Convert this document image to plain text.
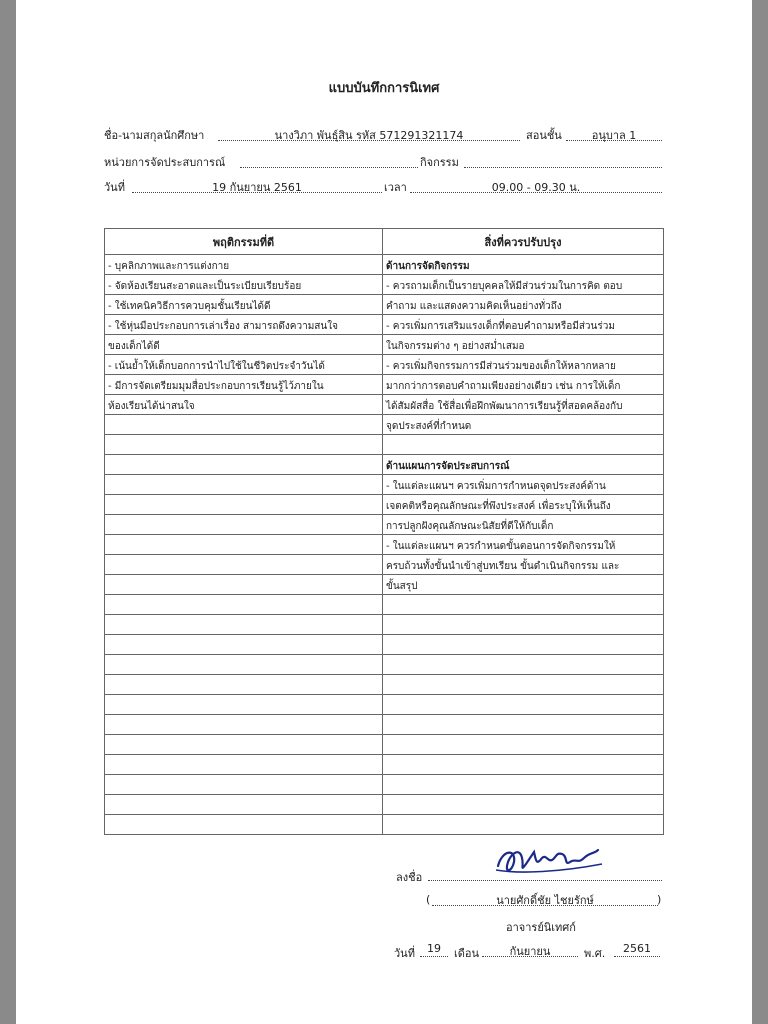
แบบบันทึกการนิเทศ
ชื่อ-นามสกุลนักศึกษา	นางวิภา พันธุ์สิน รหัส 571291321174	สอนชั้น	อนุบาล 1
หน่วยการจัดประสบการณ์	กิจกรรม
วันที่	19 กันยายน 2561	เวลา	09.00 - 09.30 น.
พฤติกรรมที่ดี	สิ่งที่ควรปรับปรุง
- บุคลิกภาพและการแต่งกาย	ด้านการจัดกิจกรรม
- จัดห้องเรียนสะอาดและเป็นระเบียบเรียบร้อย	- ควรถามเด็กเป็นรายบุคคลให้มีส่วนร่วมในการคิด ตอบ
- ใช้เทคนิควิธีการควบคุมชั้นเรียนได้ดี	คำถาม และแสดงความคิดเห็นอย่างทั่วถึง
- ใช้หุ่นมือประกอบการเล่าเรื่อง สามารถดึงความสนใจ	- ควรเพิ่มการเสริมแรงเด็กที่ตอบคำถามหรือมีส่วนร่วม
ของเด็กได้ดี	ในกิจกรรมต่าง ๆ อย่างสม่ำเสมอ
- เน้นย้ำให้เด็กบอกการนำไปใช้ในชีวิตประจำวันได้	- ควรเพิ่มกิจกรรมการมีส่วนร่วมของเด็กให้หลากหลาย
- มีการจัดเตรียมมุมสื่อประกอบการเรียนรู้ไว้ภายใน	มากกว่าการตอบคำถามเพียงอย่างเดียว เช่น การให้เด็ก
ห้องเรียนได้น่าสนใจ	ได้สัมผัสสื่อ ใช้สื่อเพื่อฝึกพัฒนาการเรียนรู้ที่สอดคล้องกับ
	จุดประสงค์ที่กำหนด

	ด้านแผนการจัดประสบการณ์
	- ในแต่ละแผนฯ ควรเพิ่มการกำหนดจุดประสงค์ด้าน
	เจตคติหรือคุณลักษณะที่พึงประสงค์ เพื่อระบุให้เห็นถึง
	การปลูกฝังคุณลักษณะนิสัยที่ดีให้กับเด็ก
	- ในแต่ละแผนฯ ควรกำหนดขั้นตอนการจัดกิจกรรมให้
	ครบถ้วนทั้งขั้นนำเข้าสู่บทเรียน ขั้นดำเนินกิจกรรม และ
	ขั้นสรุป

ลงชื่อ
(	นายศักดิ์ชัย ไชยรักษ์	)
อาจารย์นิเทศก์
วันที่	19	เดือน	กันยายน	พ.ศ.	2561
